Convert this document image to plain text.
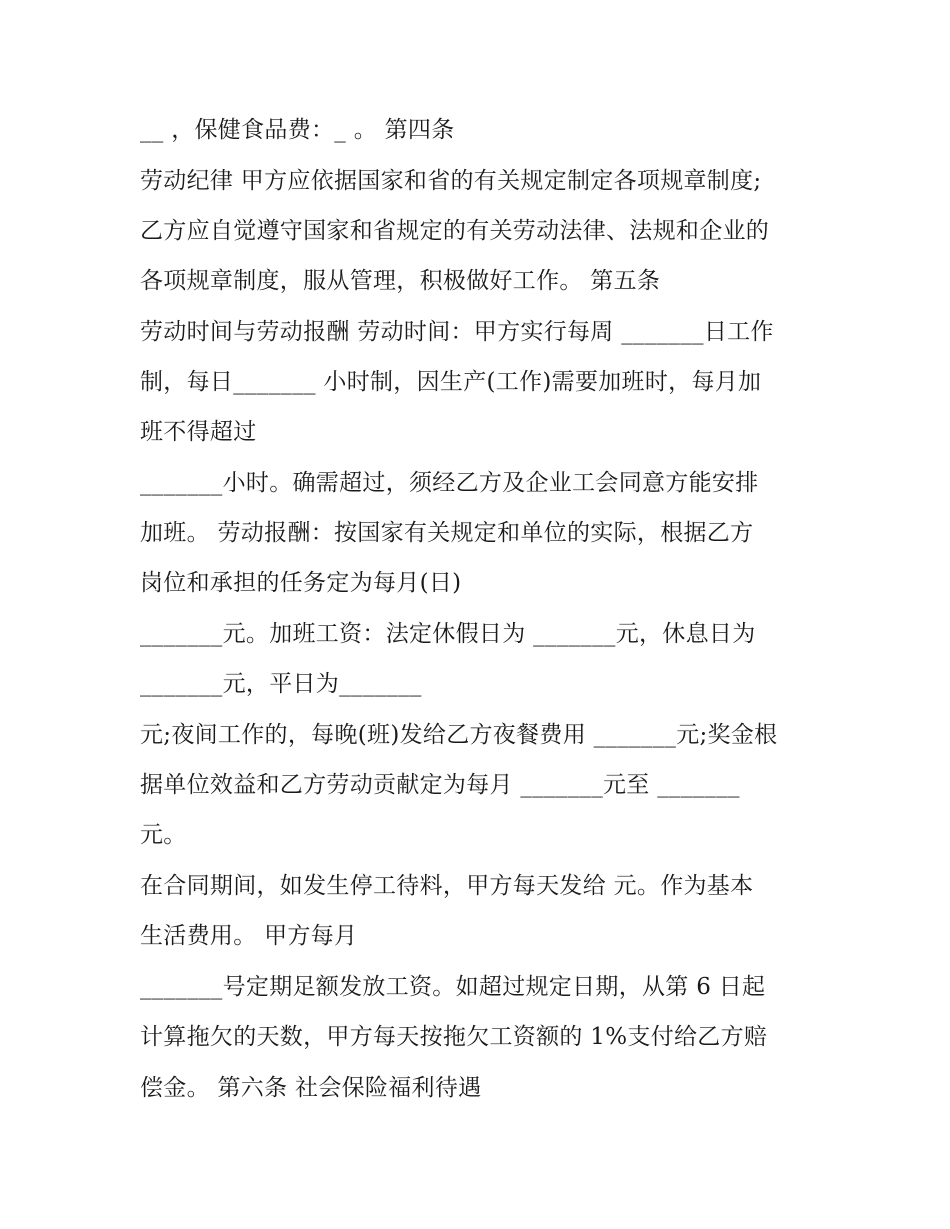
__ ，保健食品费：_ 。 第四条

劳动纪律 甲方应依据国家和省的有关规定制定各项规章制度;

乙方应自觉遵守国家和省规定的有关劳动法律、法规和企业的

各项规章制度，服从管理，积极做好工作。 第五条

劳动时间与劳动报酬 劳动时间：甲方实行每周 _______日工作

制，每日_______ 小时制，因生产(工作)需要加班时，每月加

班不得超过

_______小时。确需超过，须经乙方及企业工会同意方能安排

加班。 劳动报酬：按国家有关规定和单位的实际，根据乙方

岗位和承担的任务定为每月(日)

_______元。加班工资：法定休假日为 _______元，休息日为

_______元，平日为_______

元;夜间工作的，每晚(班)发给乙方夜餐费用 _______元;奖金根

据单位效益和乙方劳动贡献定为每月 _______元至 _______

元。

在合同期间，如发生停工待料，甲方每天发给 元。作为基本

生活费用。 甲方每月

_______号定期足额发放工资。如超过规定日期，从第 6 日起

计算拖欠的天数，甲方每天按拖欠工资额的 1%支付给乙方赔

偿金。 第六条 社会保险福利待遇
